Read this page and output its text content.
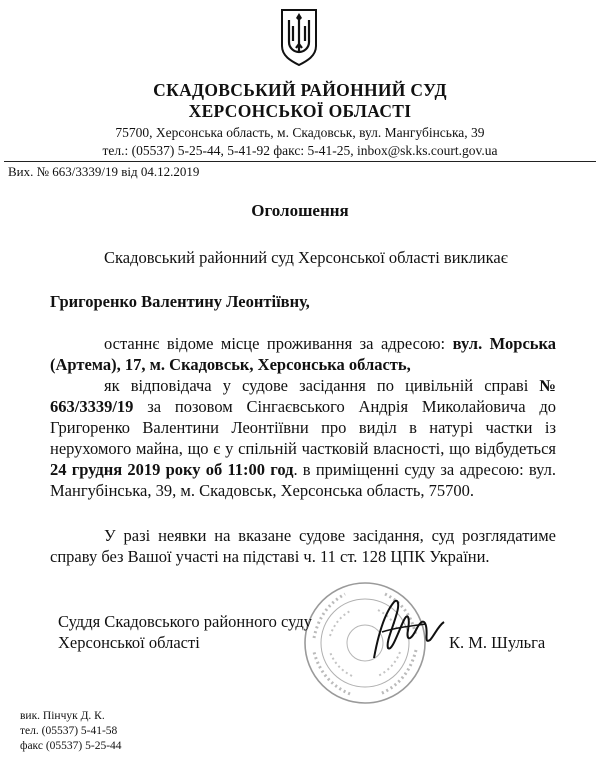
СКАДОВСЬКИЙ РАЙОННИЙ СУД
ХЕРСОНСЬКОЇ ОБЛАСТІ
75700, Херсонська область, м. Скадовськ, вул. Мангубінська, 39
тел.: (05537) 5-25-44, 5-41-92 факс: 5-41-25, inbox@sk.ks.court.gov.ua
Вих. № 663/3339/19 від 04.12.2019
Оголошення
Скадовський районний суд Херсонської області викликає
Григоренко Валентину Леонтіївну,
останнє відоме місце проживання за адресою: вул. Морська (Артема), 17, м. Скадовськ, Херсонська область,
як відповідача у судове засідання по цивільній справі № 663/3339/19 за позовом Сінгаєвського Андрія Миколайовича до Григоренко Валентини Леонтіївни про виділ в натурі частки із нерухомого майна, що є у спільній частковій власності, що відбудеться 24 грудня 2019 року об 11:00 год. в приміщенні суду за адресою: вул. Мангубінська, 39, м. Скадовськ, Херсонська область, 75700.
У разі неявки на вказане судове засідання, суд розглядатиме справу без Вашої участі на підставі ч. 11 ст. 128 ЦПК України.
Суддя Скадовського районного суду
Херсонської області	К. М. Шульга
вик. Пінчук Д. К.
тел. (05537) 5-41-58
факс (05537) 5-25-44
